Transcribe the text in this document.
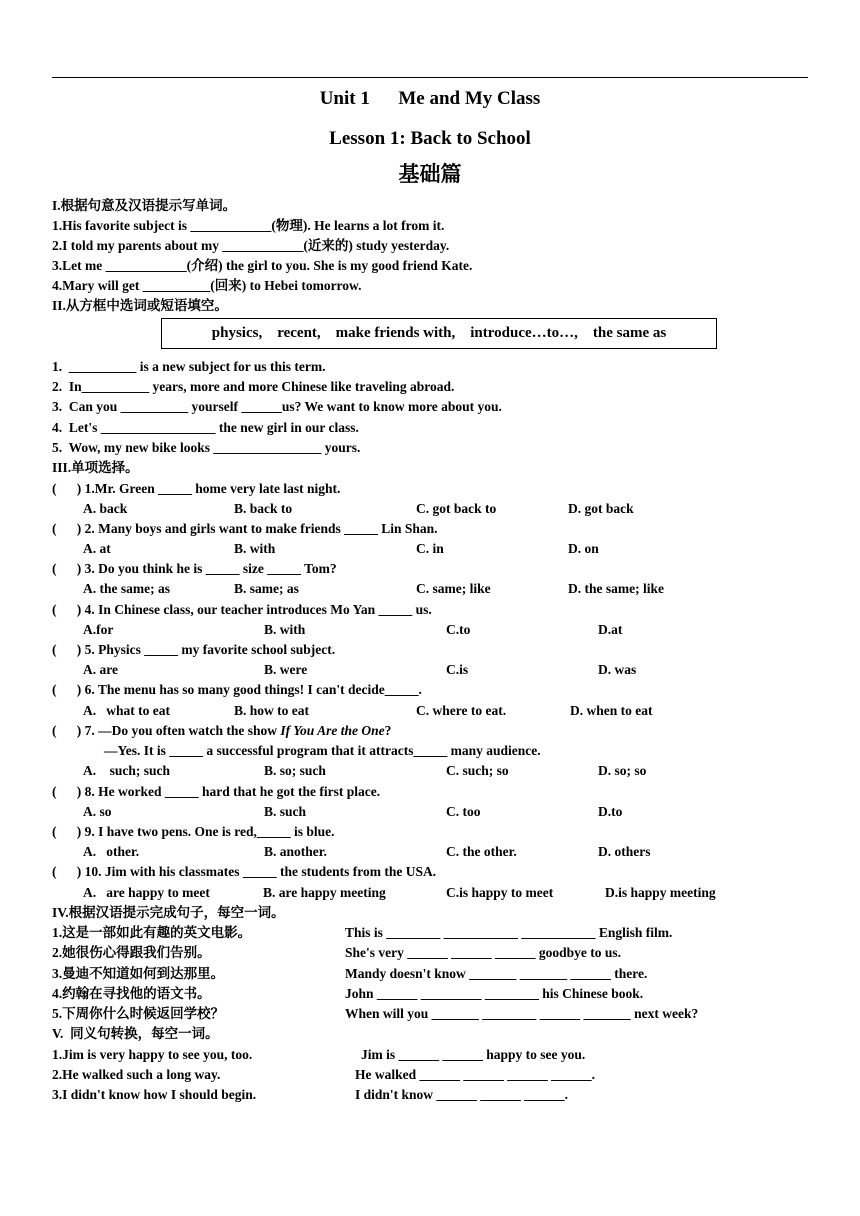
Unit 1      Me and My Class
Lesson 1: Back to School
基础篇
I.根据句意及汉语提示写单词。
1.His favorite subject is ____________(物理). He learns a lot from it.
2.I told my parents about my ____________(近来的) study yesterday.
3.Let me ____________(介绍) the girl to you. She is my good friend Kate.
4.Mary will get __________(回来) to Hebei tomorrow.
II.从方框中选词或短语填空。
physics,    recent,    make friends with,    introduce…to…,    the same as
1.  __________ is a new subject for us this term.
2.  In__________ years, more and more Chinese like traveling abroad.
3.  Can you __________ yourself ______us? We want to know more about you.
4.  Let's _________________ the new girl in our class.
5.  Wow, my new bike looks ________________ yours.
III.单项选择。
(      ) 1.Mr. Green _____ home very late last night.
A. back	B. back to	C. got back to	D. got back
(      ) 2. Many boys and girls want to make friends _____ Lin Shan.
A. at	B. with	C. in	D. on
(      ) 3. Do you think he is _____ size _____ Tom?
A. the same; as	B. same; as	C. same; like	D. the same; like
(      ) 4. In Chinese class, our teacher introduces Mo Yan _____ us.
A.for	B. with	C.to	D.at
(      ) 5. Physics _____ my favorite school subject.
A. are	B. were	C.is	D. was
(      ) 6. The menu has so many good things! I can't decide_____.
A.   what to eat	B. how to eat	C. where to eat.	D. when to eat
(      ) 7. —Do you often watch the show If You Are the One?
—Yes. It is _____ a successful program that it attracts_____ many audience.
A.    such; such	B. so; such	C. such; so	D. so; so
(      ) 8. He worked _____ hard that he got the first place.
A. so	B. such	C. too	D.to
(      ) 9. I have two pens. One is red,_____ is blue.
A.   other.	B. another.	C. the other.	D. others
(      ) 10. Jim with his classmates _____ the students from the USA.
A.   are happy to meet	B. are happy meeting	C.is happy to meet	D.is happy meeting
IV.根据汉语提示完成句子，每空一词。
1.这是一部如此有趣的英文电影。	This is ________ ___________ ___________ English film.
2.她很伤心得跟我们告别。	She's very ______ ______ ______ goodbye to us.
3.曼迪不知道如何到达那里。	Mandy doesn't know _______ _______ ______ there.
4.约翰在寻找他的语文书。	John ______ _________ ________ his Chinese book.
5.下周你什么时候返回学校？	When will you _______ ________ ______ _______ next week?
V.  同义句转换，每空一词。
1.Jim is very happy to see you, too.	Jim is ______ ______ happy to see you.
2.He walked such a long way.	He walked ______ ______ ______ ______.
3.I didn't know how I should begin.	I didn't know ______ ______ ______.
